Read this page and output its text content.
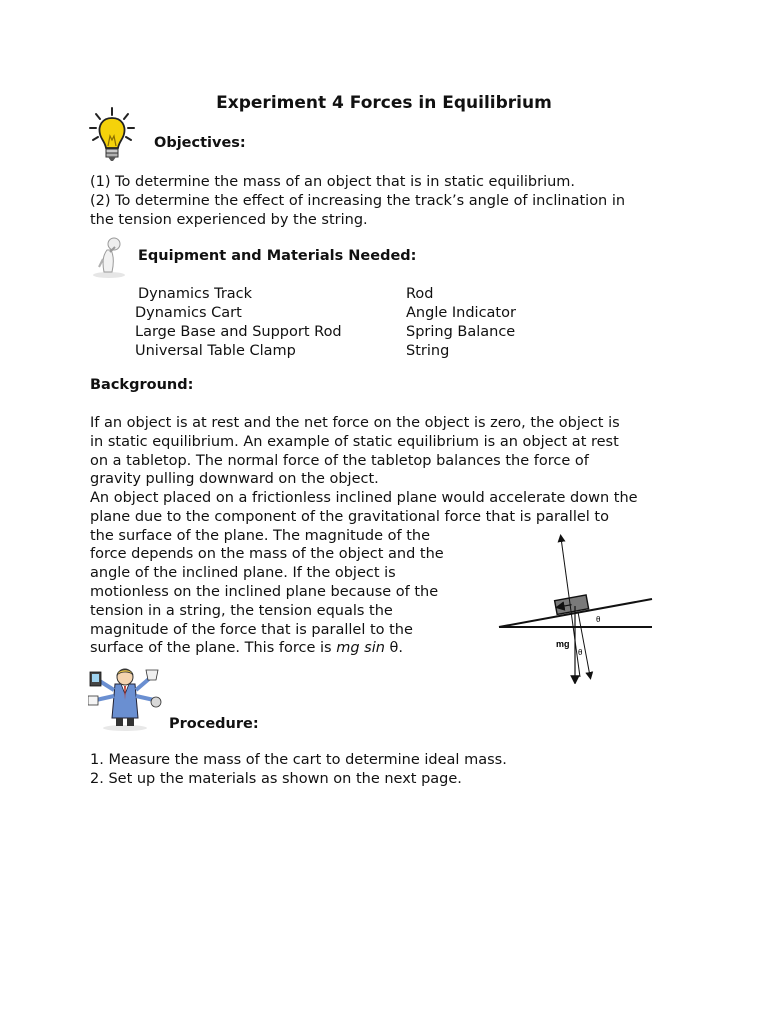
Experiment 4 Forces in Equilibrium
Objectives:
(1) To determine the mass of an object that is in static equilibrium.
(2) To determine the effect of increasing the track’s angle of inclination in
the tension experienced by the string.
Equipment and Materials Needed:
Dynamics Track
Dynamics Cart
Large Base and Support Rod
Universal Table Clamp
Rod
Angle Indicator
Spring Balance
String
Background:
If an object is at rest and the net force on the object is zero, the object is
in static equilibrium. An example of static equilibrium is an object at rest
on a tabletop. The normal force of the tabletop balances the force of
gravity pulling downward on the object.
An object placed on a frictionless inclined plane would accelerate down the
plane due to the component of the gravitational force that is parallel to
the surface of the plane. The magnitude of the
force depends on the mass of the object and the
angle of the inclined plane. If the object is
motionless on the inclined plane because of the
tension in a string, the tension equals the
magnitude of the force that is parallel to the
surface of the plane. This force is mg sin θ.	mg
θ
θ
Procedure:
1. Measure the mass of the cart to determine ideal mass.
2. Set up the materials as shown on the next page.
